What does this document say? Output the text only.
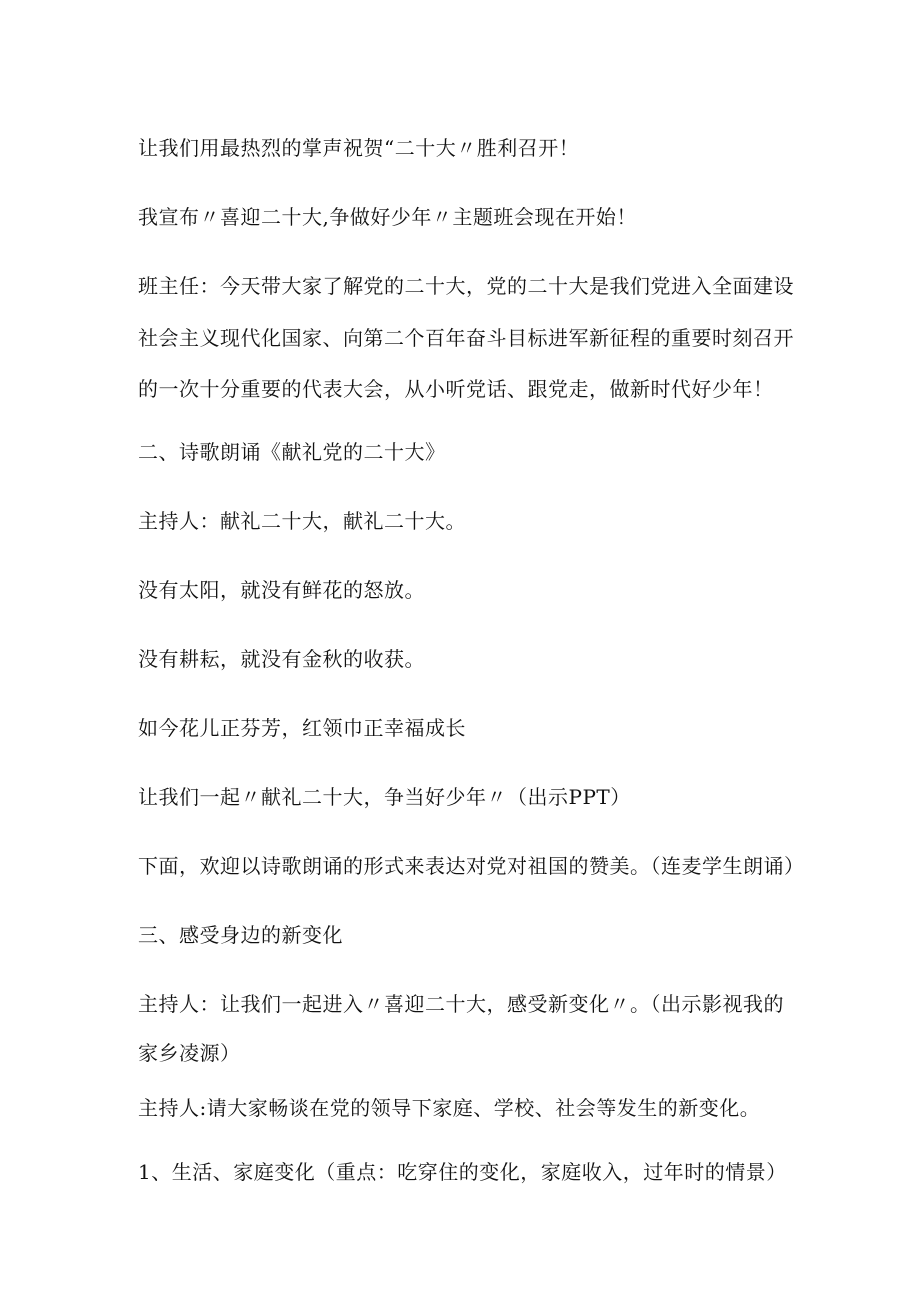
让我们用最热烈的掌声祝贺“二十大〃胜利召开！
我宣布〃喜迎二十大,争做好少年〃主题班会现在开始！
班主任：今天带大家了解党的二十大，党的二十大是我们党进入全面建设
社会主义现代化国家、向第二个百年奋斗目标进军新征程的重要时刻召开
的一次十分重要的代表大会，从小听党话、跟党走，做新时代好少年！
二、诗歌朗诵《献礼党的二十大》
主持人：献礼二十大，献礼二十大。
没有太阳，就没有鲜花的怒放。
没有耕耘，就没有金秋的收获。
如今花儿正芬芳，红领巾正幸福成长
让我们一起〃献礼二十大，争当好少年〃（出示PPT）
下面，欢迎以诗歌朗诵的形式来表达对党对祖国的赞美。（连麦学生朗诵）
三、感受身边的新变化
主持人：让我们一起进入〃喜迎二十大，感受新变化〃。（出示影视我的
家乡凌源）
主持人:请大家畅谈在党的领导下家庭、学校、社会等发生的新变化。
1、生活、家庭变化（重点：吃穿住的变化，家庭收入，过年时的情景）
